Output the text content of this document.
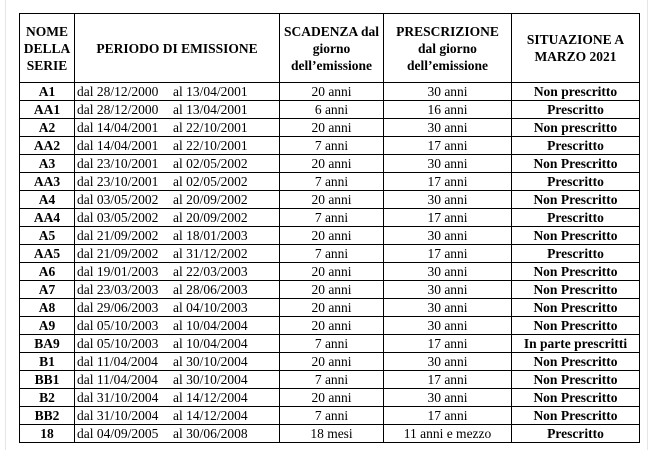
NOME DELLA SERIE	PERIODO DI EMISSIONE	SCADENZA dal giorno dell’emissione	PRESCRIZIONE dal giorno dell’emissione	SITUAZIONE A MARZO 2021
A1	dal 28/12/2000 al 13/04/2001	20 anni	30 anni	Non prescritto
AA1	dal 28/12/2000 al 13/04/2001	6 anni	16 anni	Prescritto
A2	dal 14/04/2001 al 22/10/2001	20 anni	30 anni	Non prescritto
AA2	dal 14/04/2001 al 22/10/2001	7 anni	17 anni	Prescritto
A3	dal 23/10/2001 al 02/05/2002	20 anni	30 anni	Non Prescritto
AA3	dal 23/10/2001 al 02/05/2002	7 anni	17 anni	Prescritto
A4	dal 03/05/2002 al 20/09/2002	20 anni	30 anni	Non Prescritto
AA4	dal 03/05/2002 al 20/09/2002	7 anni	17 anni	Prescritto
A5	dal 21/09/2002 al 18/01/2003	20 anni	30 anni	Non Prescritto
AA5	dal 21/09/2002 al 31/12/2002	7 anni	17 anni	Prescritto
A6	dal 19/01/2003 al 22/03/2003	20 anni	30 anni	Non Prescritto
A7	dal 23/03/2003 al 28/06/2003	20 anni	30 anni	Non Prescritto
A8	dal 29/06/2003 al 04/10/2003	20 anni	30 anni	Non Prescritto
A9	dal 05/10/2003 al 10/04/2004	20 anni	30 anni	Non Prescritto
BA9	dal 05/10/2003 al 10/04/2004	7 anni	17 anni	In parte prescritti
B1	dal 11/04/2004 al 30/10/2004	20 anni	30 anni	Non Prescritto
BB1	dal 11/04/2004 al 30/10/2004	7 anni	17 anni	Non Prescritto
B2	dal 31/10/2004 al 14/12/2004	20 anni	30 anni	Non Prescritto
BB2	dal 31/10/2004 al 14/12/2004	7 anni	17 anni	Non Prescritto
18	dal 04/09/2005 al 30/06/2008	18 mesi	11 anni e mezzo	Prescritto
